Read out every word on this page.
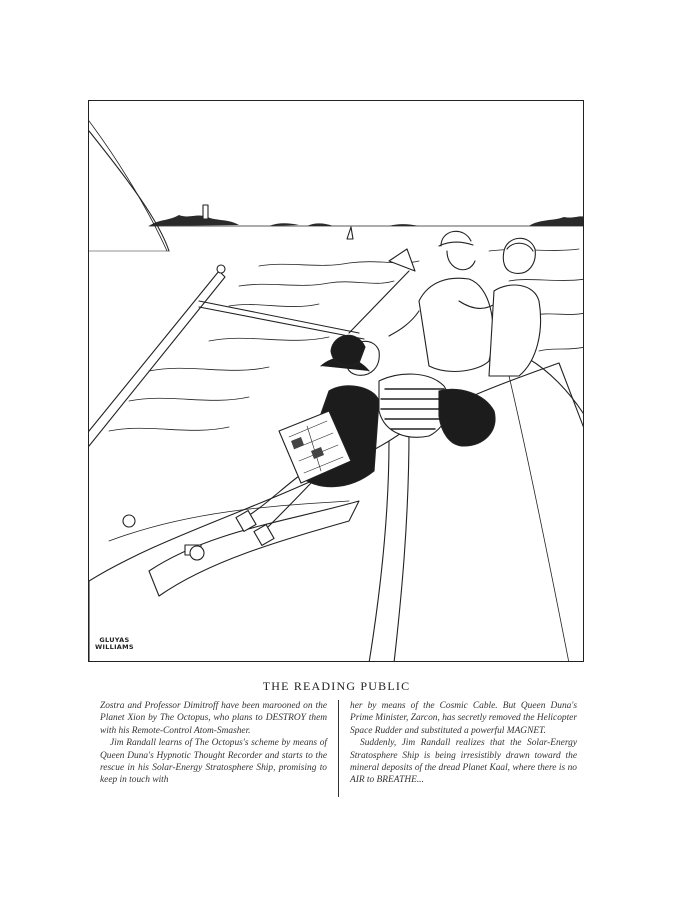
GLUYAS
WILLIAMS
THE READING PUBLIC

Zostra and Professor Dimitroff have been marooned on the Planet Xion by The Octopus, who plans to DESTROY them with his Remote-Control Atom-Smasher.

Jim Randall learns of The Octopus's scheme by means of Queen Duna's Hypnotic Thought Recorder and starts to the rescue in his Solar-Energy Stratosphere Ship, promising to keep in touch with

her by means of the Cosmic Cable. But Queen Duna's Prime Minister, Zarcon, has secretly removed the Helicopter Space Rudder and substituted a powerful MAGNET.

Suddenly, Jim Randall realizes that the Solar-Energy Stratosphere Ship is being irresistibly drawn toward the mineral deposits of the dread Planet Kaal, where there is no AIR to BREATHE...
